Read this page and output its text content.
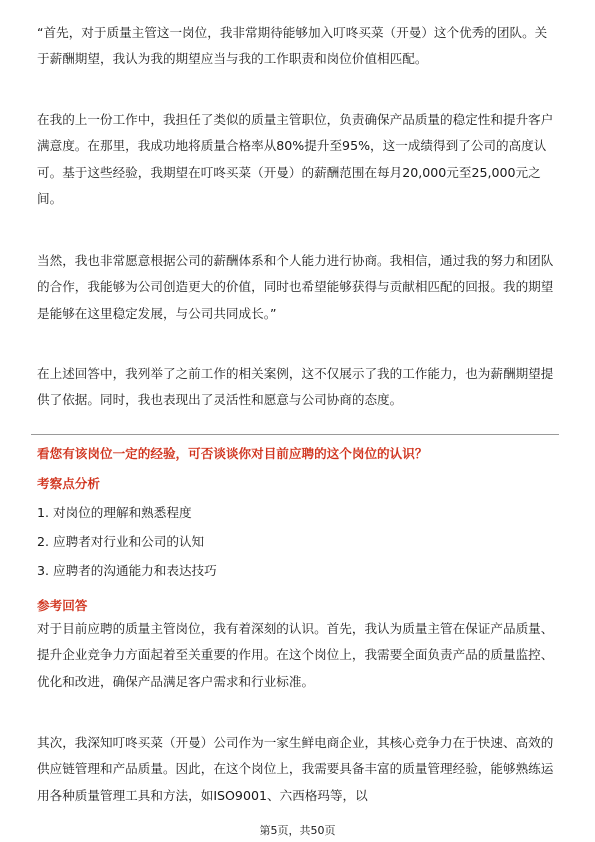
“首先，对于质量主管这一岗位，我非常期待能够加入叮咚买菜（开曼）这个优秀的团队。关于薪酬期望，我认为我的期望应当与我的工作职责和岗位价值相匹配。

在我的上一份工作中，我担任了类似的质量主管职位，负责确保产品质量的稳定性和提升客户满意度。在那里，我成功地将质量合格率从80%提升至95%，这一成绩得到了公司的高度认可。基于这些经验，我期望在叮咚买菜（开曼）的薪酬范围在每月20,000元至25,000元之间。

当然，我也非常愿意根据公司的薪酬体系和个人能力进行协商。我相信，通过我的努力和团队的合作，我能够为公司创造更大的价值，同时也希望能够获得与贡献相匹配的回报。我的期望是能够在这里稳定发展，与公司共同成长。”

在上述回答中，我列举了之前工作的相关案例，这不仅展示了我的工作能力，也为薪酬期望提供了依据。同时，我也表现出了灵活性和愿意与公司协商的态度。

看您有该岗位一定的经验，可否谈谈你对目前应聘的这个岗位的认识？

考察点分析

1. 对岗位的理解和熟悉程度

2. 应聘者对行业和公司的认知

3. 应聘者的沟通能力和表达技巧

参考回答

对于目前应聘的质量主管岗位，我有着深刻的认识。首先，我认为质量主管在保证产品质量、提升企业竞争力方面起着至关重要的作用。在这个岗位上，我需要全面负责产品的质量监控、优化和改进，确保产品满足客户需求和行业标准。

其次，我深知叮咚买菜（开曼）公司作为一家生鲜电商企业，其核心竞争力在于快速、高效的供应链管理和产品质量。因此，在这个岗位上，我需要具备丰富的质量管理经验，能够熟练运用各种质量管理工具和方法，如ISO9001、六西格玛等，以

第5页，共50页
